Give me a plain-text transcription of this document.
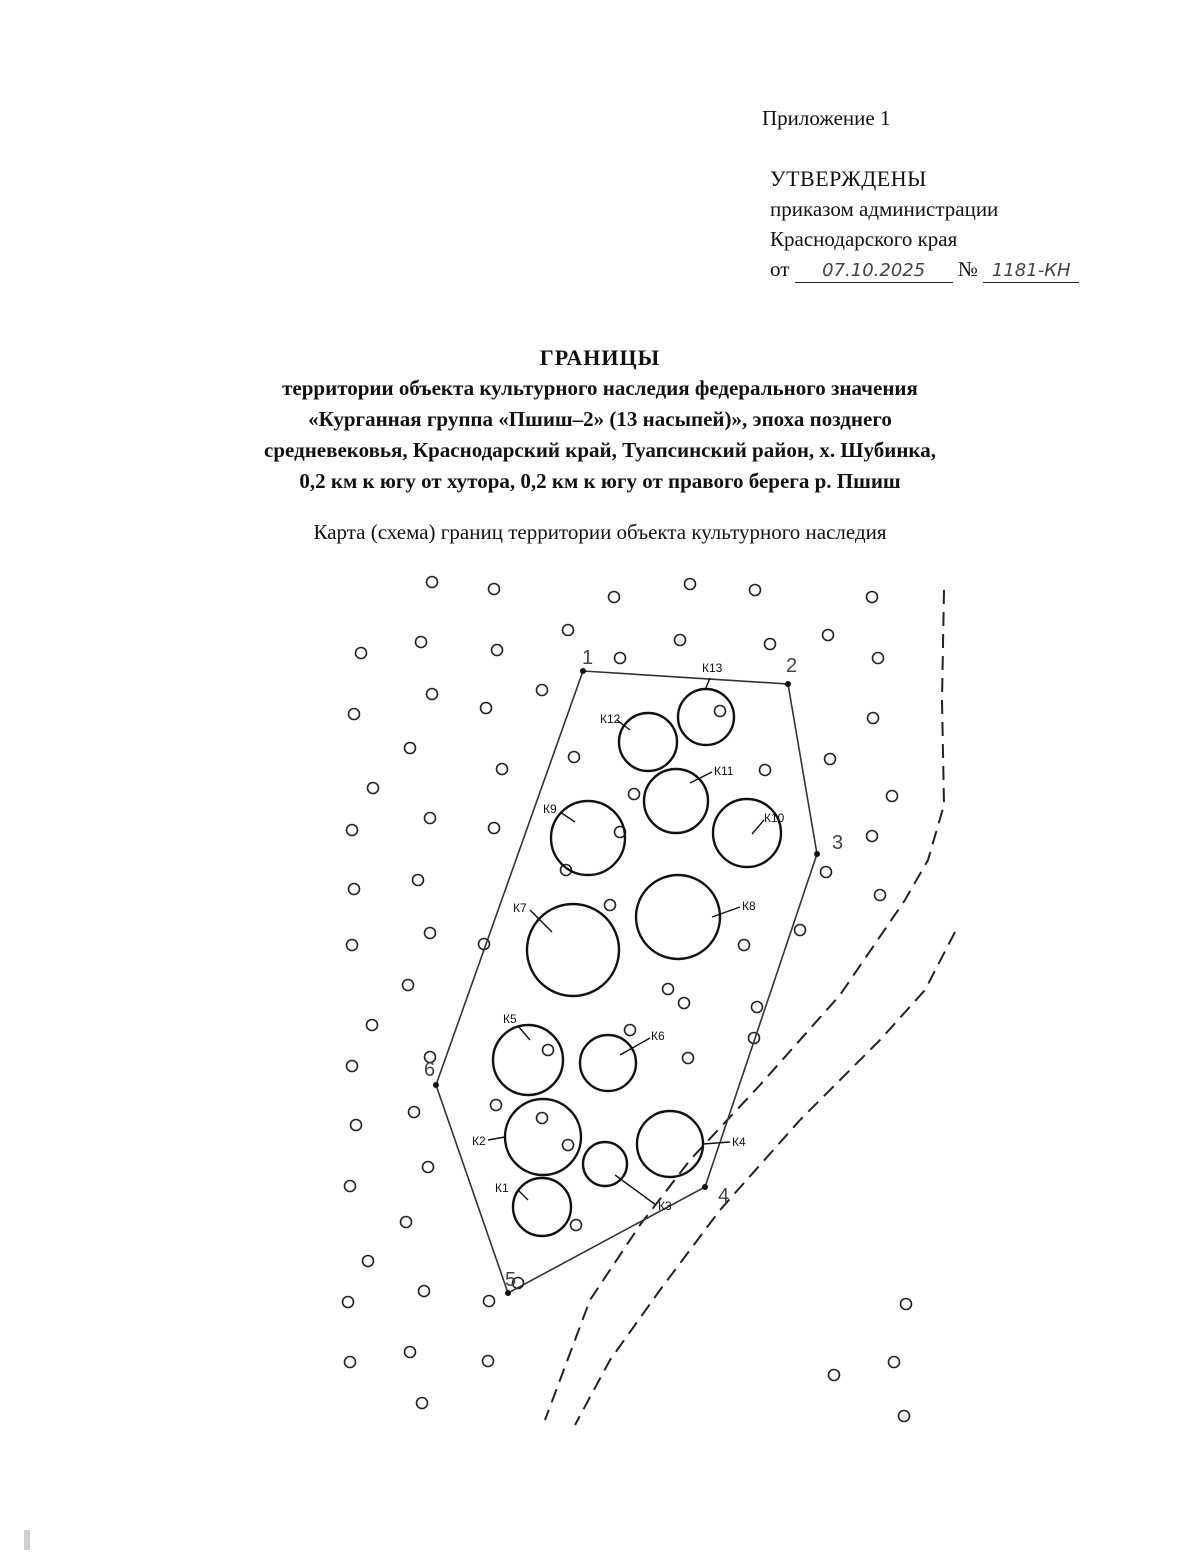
Приложение 1
УТВЕРЖДЕНЫ
приказом администрации
Краснодарского края
от 07.10.2025 № 1181-КН
ГРАНИЦЫ
территории объекта культурного наследия федерального значения
«Курганная группа «Пшиш–2» (13 насыпей)», эпоха позднего
средневековья, Краснодарский край, Туапсинский район, х. Шубинка,
0,2 км к югу от хутора, 0,2 км к югу от правого берега р. Пшиш
Карта (схема) границ территории объекта культурного наследия
1	2
3
4
5
6
К1
К2
К3
К4
К5
К6
К7	К8
К9
К10
К11
К12
К13
